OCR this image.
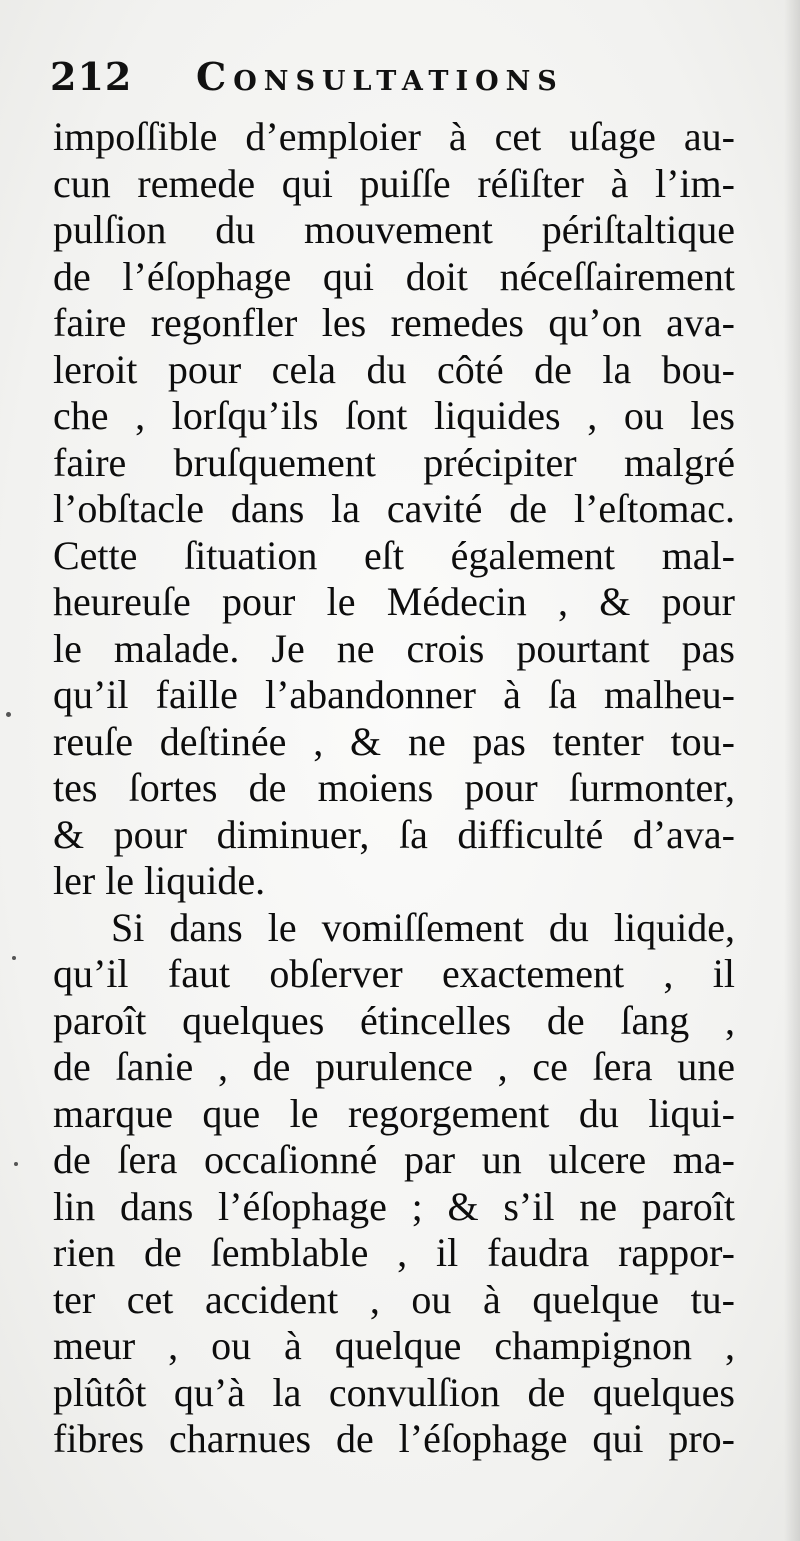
212 Consultations
impoſſible d’emploier à cet uſage au-
cun remede qui puiſſe réſiſter à l’im-
pulſion du mouvement périſtaltique
de l’éſophage qui doit néceſſairement
faire regonfler les remedes qu’on ava-
leroit pour cela du côté de la bou-
che , lorſqu’ils ſont liquides , ou les
faire bruſquement précipiter malgré
l’obſtacle dans la cavité de l’eſtomac.
Cette ſituation eſt également mal-
heureuſe pour le Médecin , & pour
le malade. Je ne crois pourtant pas
qu’il faille l’abandonner à ſa malheu-
reuſe deſtinée , & ne pas tenter tou-
tes ſortes de moiens pour ſurmonter,
& pour diminuer, ſa difficulté d’ava-
ler le liquide.
Si dans le vomiſſement du liquide,
qu’il faut obſerver exactement , il
paroît quelques étincelles de ſang ,
de ſanie , de purulence , ce ſera une
marque que le regorgement du liqui-
de ſera occaſionné par un ulcere ma-
lin dans l’éſophage ; & s’il ne paroît
rien de ſemblable , il faudra rappor-
ter cet accident , ou à quelque tu-
meur , ou à quelque champignon ,
plûtôt qu’à la convulſion de quelques
fibres charnues de l’éſophage qui pro-
